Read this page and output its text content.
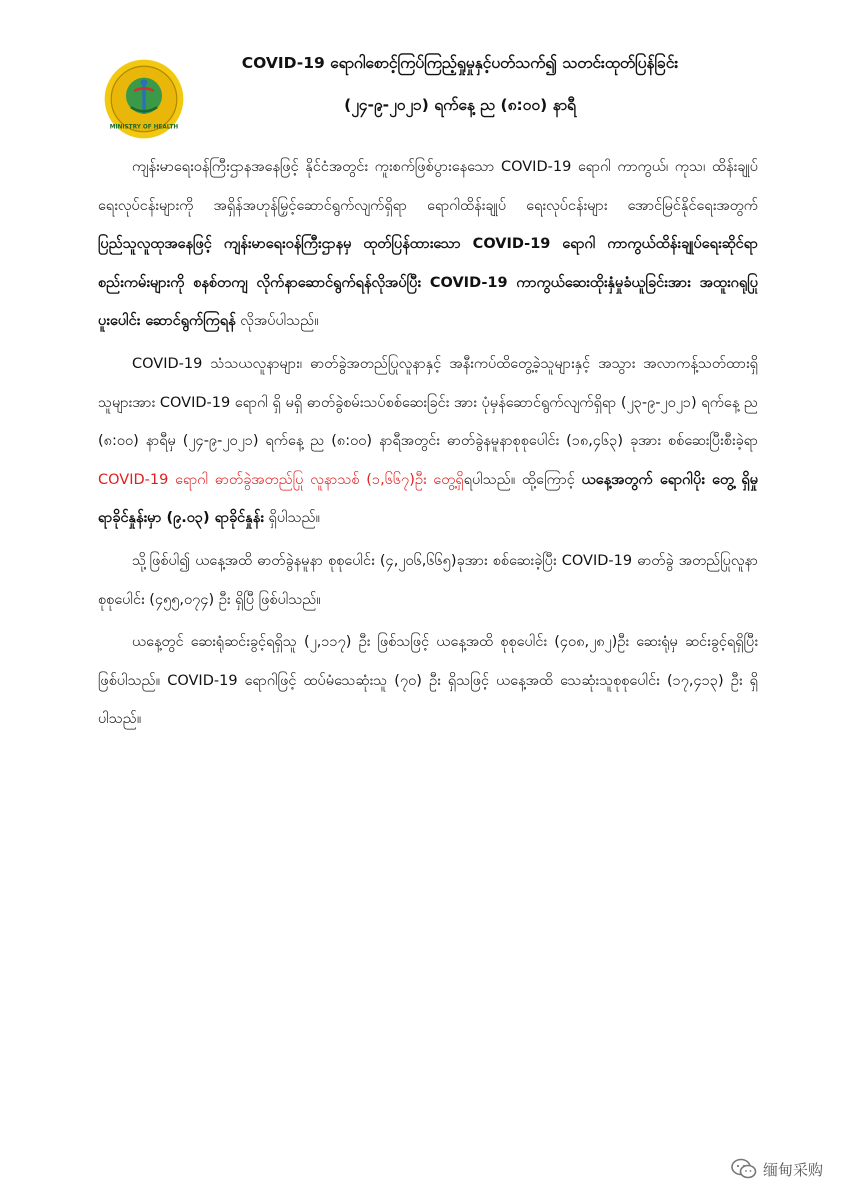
MINISTRY OF HEALTH
COVID-19 ရောဂါစောင့်ကြပ်ကြည့်ရှုမှုနှင့်ပတ်သက်၍ သတင်းထုတ်ပြန်ခြင်း
(၂၄-၉-၂၀၂၁) ရက်နေ့ ည (၈:၀၀) နာရီ

ကျန်းမာရေးဝန်ကြီးဌာနအနေဖြင့် နိုင်ငံအတွင်း ကူးစက်ဖြစ်ပွားနေသော COVID-19 ရောဂါ ကာကွယ်၊ ကုသ၊ ထိန်းချုပ်ရေးလုပ်ငန်းများကို အရှိန်အဟုန်မြှင့်ဆောင်ရွက်လျက်ရှိရာ ရောဂါထိန်းချုပ် ရေးလုပ်ငန်းများ အောင်မြင်နိုင်ရေးအတွက် ပြည်သူလူထုအနေဖြင့် ကျန်းမာရေးဝန်ကြီးဌာနမှ ထုတ်ပြန်ထားသော COVID-19 ရောဂါ ကာကွယ်ထိန်းချုပ်ရေးဆိုင်ရာ စည်းကမ်းများကို စနစ်တကျ လိုက်နာဆောင်ရွက်ရန်လိုအပ်ပြီး COVID-19 ကာကွယ်ဆေးထိုးနှံမှုခံယူခြင်းအား အထူးဂရုပြု ပူးပေါင်း ဆောင်ရွက်ကြရန် လိုအပ်ပါသည်။

COVID-19 သံသယလူနာများ၊ ဓာတ်ခွဲအတည်ပြုလူနာနှင့် အနီးကပ်ထိတွေ့ခဲ့သူများနှင့် အသွား အလာကန့်သတ်ထားရှိသူများအား COVID-19 ရောဂါ ရှိ မရှိ ဓာတ်ခွဲစမ်းသပ်စစ်ဆေးခြင်း အား ပုံမှန်ဆောင်ရွက်လျက်ရှိရာ (၂၃-၉-၂၀၂၁) ရက်နေ့ ည (၈:၀၀) နာရီမှ (၂၄-၉-၂၀၂၁) ရက်နေ့ ည (၈:၀၀) နာရီအတွင်း ဓာတ်ခွဲနမူနာစုစုပေါင်း (၁၈,၄၆၃) ခုအား စစ်ဆေးပြီးစီးခဲ့ရာ COVID-19 ရောဂါ ဓာတ်ခွဲအတည်ပြု လူနာသစ် (၁,၆၆၇)ဦး တွေ့ရှိရပါသည်။ ထို့ကြောင့် ယနေ့အတွက် ရောဂါပိုး တွေ့ ရှိမှု ရာခိုင်နှုန်းမှာ (၉.၀၃) ရာခိုင်နှုန်း ရှိပါသည်။

သို့ဖြစ်ပါ၍ ယနေ့အထိ ဓာတ်ခွဲနမူနာ စုစုပေါင်း (၄,၂၀၆,၆၆၅)ခုအား စစ်ဆေးခဲ့ပြီး COVID-19 ဓာတ်ခွဲ အတည်ပြုလူနာ စုစုပေါင်း (၄၅၅,၀၇၄) ဦး ရှိပြီ ဖြစ်ပါသည်။

ယနေ့တွင် ဆေးရုံဆင်းခွင့်ရရှိသူ (၂,၁၁၇) ဦး ဖြစ်သဖြင့် ယနေ့အထိ စုစုပေါင်း (၄၀၈,၂၈၂)ဦး ဆေးရုံမှ ဆင်းခွင့်ရရှိပြီး ဖြစ်ပါသည်။ COVID-19 ရောဂါဖြင့် ထပ်မံသေဆုံးသူ (၇၀) ဦး ရှိသဖြင့် ယနေ့အထိ သေဆုံးသူစုစုပေါင်း (၁၇,၄၁၃) ဦး ရှိပါသည်။

缅甸采购
